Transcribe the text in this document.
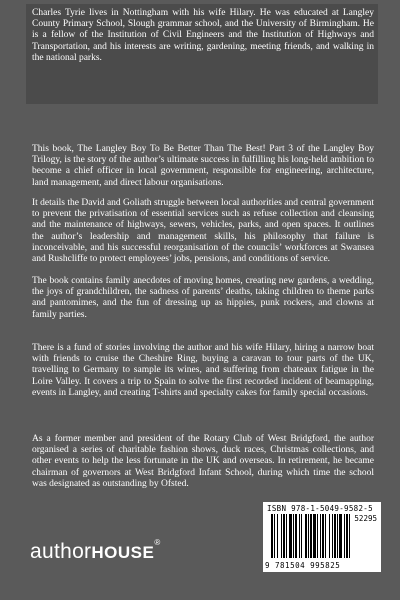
Charles Tyrie lives in Nottingham with his wife Hilary. He was educated at Langley County Primary School, Slough grammar school, and the University of Birmingham. He is a fellow of the Institution of Civil Engineers and the Institution of Highways and Transportation, and his interests are writing, gardening, meeting friends, and walking in the national parks.

This book, The Langley Boy To Be Better Than The Best! Part 3 of the Langley Boy Trilogy, is the story of the author’s ultimate success in fulfilling his long-held ambition to become a chief officer in local government, responsible for engineering, architecture, land management, and direct labour organisations.

It details the David and Goliath struggle between local authorities and central government to prevent the privatisation of essential services such as refuse collection and cleansing and the maintenance of highways, sewers, vehicles, parks, and open spaces. It outlines the author’s leadership and management skills, his philosophy that failure is inconceivable, and his successful reorganisation of the councils’ workforces at Swansea and Rushcliffe to protect employees’ jobs, pensions, and conditions of service.

The book contains family anecdotes of moving homes, creating new gardens, a wedding, the joys of grandchildren, the sadness of parents’ deaths, taking children to theme parks and pantomimes, and the fun of dressing up as hippies, punk rockers, and clowns at family parties.

There is a fund of stories involving the author and his wife Hilary, hiring a narrow boat with friends to cruise the Cheshire Ring, buying a caravan to tour parts of the UK, travelling to Germany to sample its wines, and suffering from chateaux fatigue in the Loire Valley. It covers a trip to Spain to solve the first recorded incident of beamapping, events in Langley, and creating T-shirts and specialty cakes for family special occasions.

As a former member and president of the Rotary Club of West Bridgford, the author organised a series of charitable fashion shows, duck races, Christmas collections, and other events to help the less fortunate in the UK and overseas. In retirement, he became chairman of governors at West Bridgford Infant School, during which time the school was designated as outstanding by Ofsted.

ISBN 978-1-5049-9582-5
52295
9 781504 995825
authorHOUSE®
